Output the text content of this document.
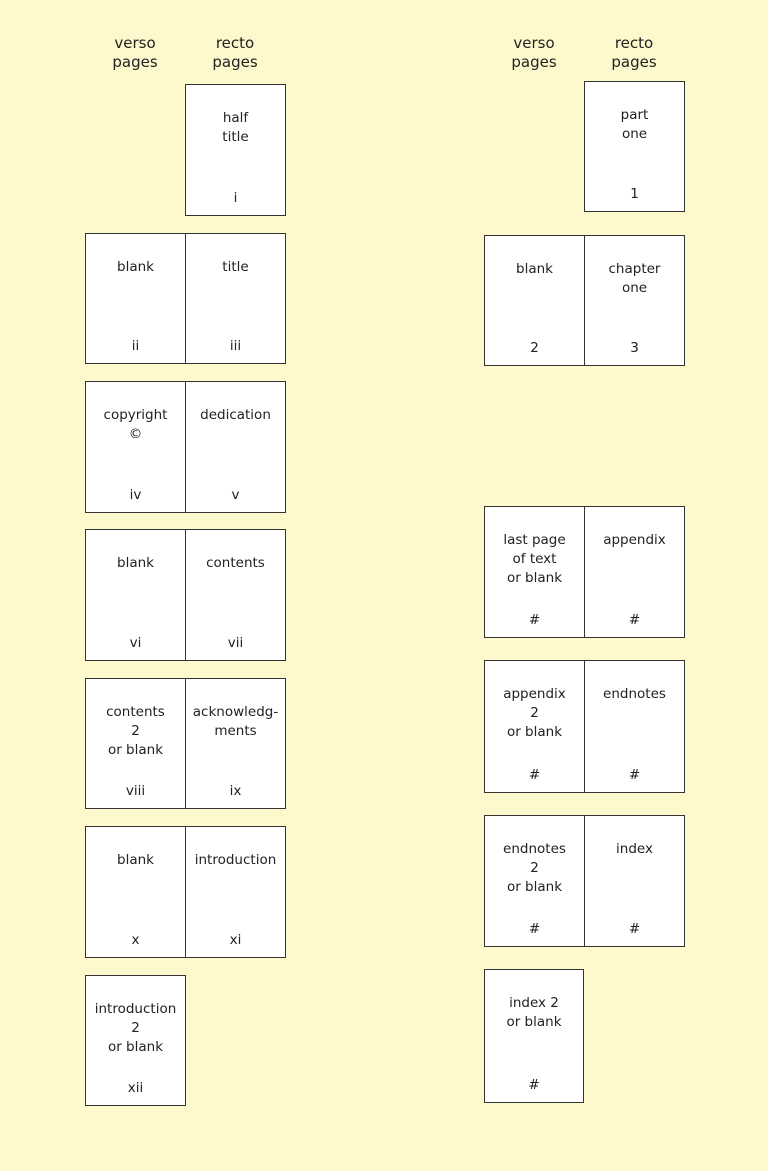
verso
pages
recto
pages
verso
pages
recto
pages
half
title
i
blank
ii
title
iii
copyright
©
iv
dedication
v
blank
vi
contents
vii
contents
2
or blank
viii
acknowledg-
ments
ix
blank
x
introduction
xi
introduction
2
or blank
xii
part
one
1
blank
2
chapter
one
3
last page
of text
or blank
#
appendix
#
appendix
2
or blank
#
endnotes
#
endnotes
2
or blank
#
index
#
index 2
or blank
#
